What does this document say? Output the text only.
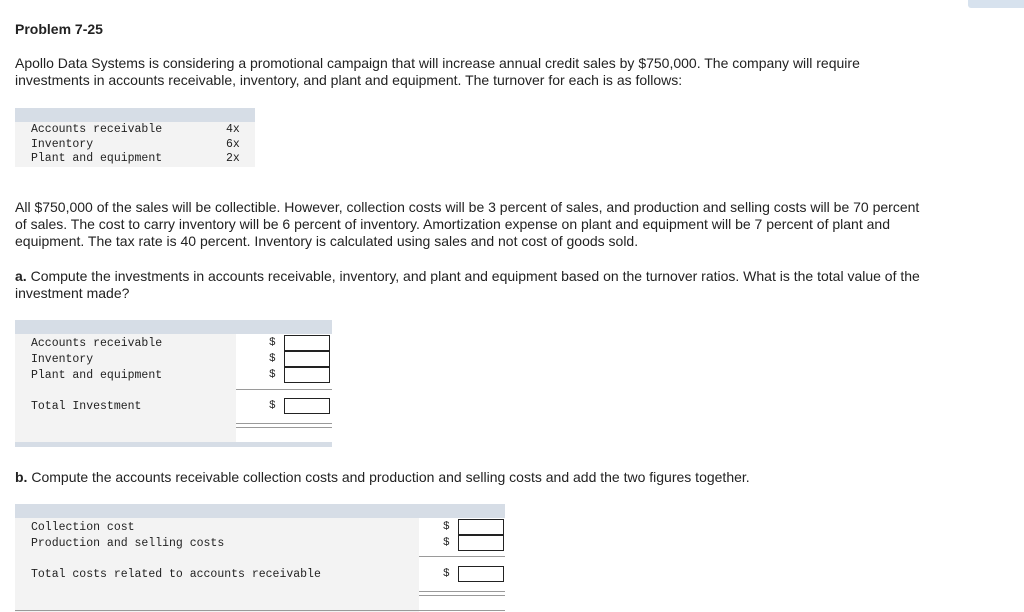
Problem 7-25
Apollo Data Systems is considering a promotional campaign that will increase annual credit sales by $750,000. The company will require investments in accounts receivable, inventory, and plant and equipment. The turnover for each is as follows:
Accounts receivable	4x
Inventory	6x
Plant and equipment	2x
All $750,000 of the sales will be collectible. However, collection costs will be 3 percent of sales, and production and selling costs will be 70 percent of sales. The cost to carry inventory will be 6 percent of inventory. Amortization expense on plant and equipment will be 7 percent of plant and equipment. The tax rate is 40 percent. Inventory is calculated using sales and not cost of goods sold.
a. Compute the investments in accounts receivable, inventory, and plant and equipment based on the turnover ratios. What is the total value of the investment made?
Accounts receivable	$
Inventory	$
Plant and equipment	$
Total Investment	$
b. Compute the accounts receivable collection costs and production and selling costs and add the two figures together.
Collection cost	$
Production and selling costs	$
Total costs related to accounts receivable	$
